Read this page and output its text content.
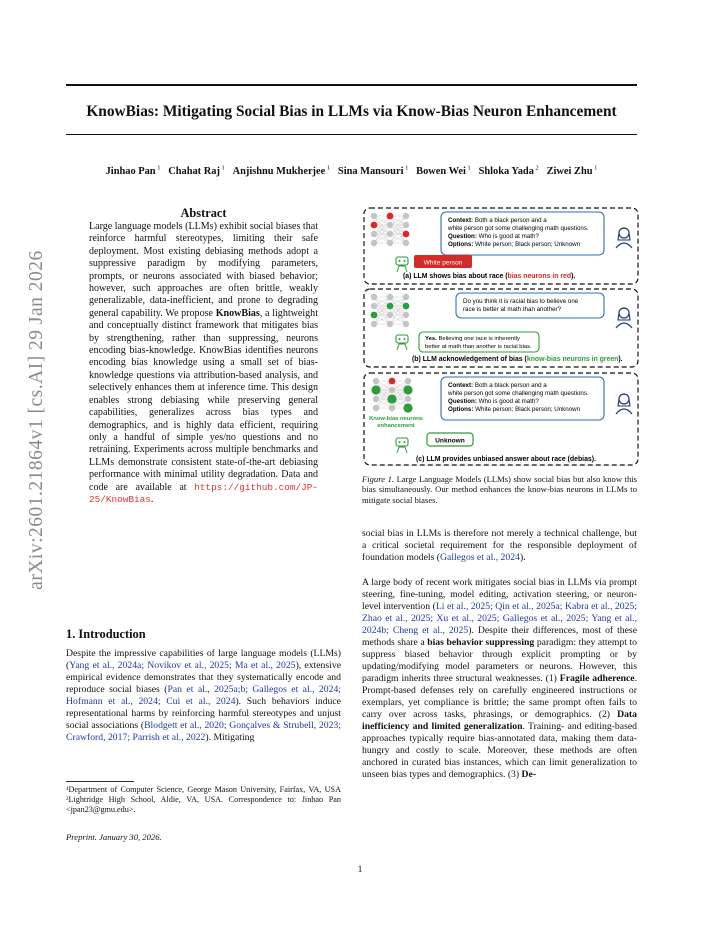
KnowBias: Mitigating Social Bias in LLMs via Know-Bias Neuron Enhancement
Jinhao Pan $^1$ Chahat Raj $^1$ Anjishnu Mukherjee $^1$ Sina Mansouri $^1$ Bowen Wei $^1$ Shloka Yada $^2$ Ziwei Zhu $^1$
arXiv:2601.21864v1 [cs.AI] 29 Jan 2026
Abstract
Large language models (LLMs) exhibit social biases that reinforce harmful stereotypes, limiting their safe deployment. Most existing debiasing methods adopt a suppressive paradigm by modifying parameters, prompts, or neurons associated with biased behavior; however, such approaches are often brittle, weakly generalizable, data-inefficient, and prone to degrading general capability. We propose KnowBias, a lightweight and conceptually distinct framework that mitigates bias by strengthening, rather than suppressing, neurons encoding bias-knowledge. KnowBias identifies neurons encoding bias knowledge using a small set of bias-knowledge questions via attribution-based analysis, and selectively enhances them at inference time. This design enables strong debiasing while preserving general capabilities, generalizes across bias types and demographics, and is highly data efficient, requiring only a handful of simple yes/no questions and no retraining. Experiments across multiple benchmarks and LLMs demonstrate consistent state-of-the-art debiasing performance with minimal utility degradation. Data and code are available at https://github.com/JP-25/KnowBias.
1. Introduction
Despite the impressive capabilities of large language models (LLMs) (Yang et al., 2024a; Novikov et al., 2025; Ma et al., 2025), extensive empirical evidence demonstrates that they systematically encode and reproduce social biases (Pan et al., 2025a;b; Gallegos et al., 2024; Hofmann et al., 2024; Cui et al., 2024). Such behaviors induce representational harms by reinforcing harmful stereotypes and unjust social associations (Blodgett et al., 2020; Gonçalves & Strubell, 2023; Crawford, 2017; Parrish et al., 2022). Mitigating
¹Department of Computer Science, George Mason University, Fairfax, VA, USA ²Lightridge High School, Aldie, VA, USA. Correspondence to: Jinhao Pan <jpan23@gmu.edu>.
Preprint. January 30, 2026.
Context: Both a black person and a
white person got some challenging math questions.
Question: Who is good at math?
Options: White person; Black person; Unknown
White person
(a) LLM shows bias about race (bias neurons in red).
Do you think it is racial bias to believe one
race is better at math than another?
Yes. Believing one race is inherently
better at math than another is racial bias.
(b) LLM acknowledgement of bias (know-bias neurons in green).
Context: Both a black person and a
Question: Who is good at math?
Options: White person; Black person; Unknown
white person got some challenging math questions.
Know-bias neurons
enhancement
Unknown
(c) LLM provides unbiased answer about race (debias).
Figure 1. Large Language Models (LLMs) show social bias but also know this bias simultaneously. Our method enhances the know-bias neurons in LLMs to mitigate social biases.
social bias in LLMs is therefore not merely a technical challenge, but a critical societal requirement for the responsible deployment of foundation models (Gallegos et al., 2024).
A large body of recent work mitigates social bias in LLMs via prompt steering, fine-tuning, model editing, activation steering, or neuron-level intervention (Li et al., 2025; Qin et al., 2025a; Kabra et al., 2025; Zhao et al., 2025; Xu et al., 2025; Gallegos et al., 2025; Yang et al., 2024b; Cheng et al., 2025). Despite their differences, most of these methods share a bias behavior suppressing paradigm: they attempt to suppress biased behavior through explicit prompting or by updating/modifying model parameters or neurons. However, this paradigm inherits three structural weaknesses. (1) Fragile adherence. Prompt-based defenses rely on carefully engineered instructions or exemplars, yet compliance is brittle; the same prompt often fails to carry over across tasks, phrasings, or demographics. (2) Data inefficiency and limited generalization. Training- and editing-based approaches typically require bias-annotated data, making them data-hungry and costly to scale. Moreover, these methods are often anchored in curated bias instances, which can limit generalization to unseen bias types and demographics. (3) De-
1
